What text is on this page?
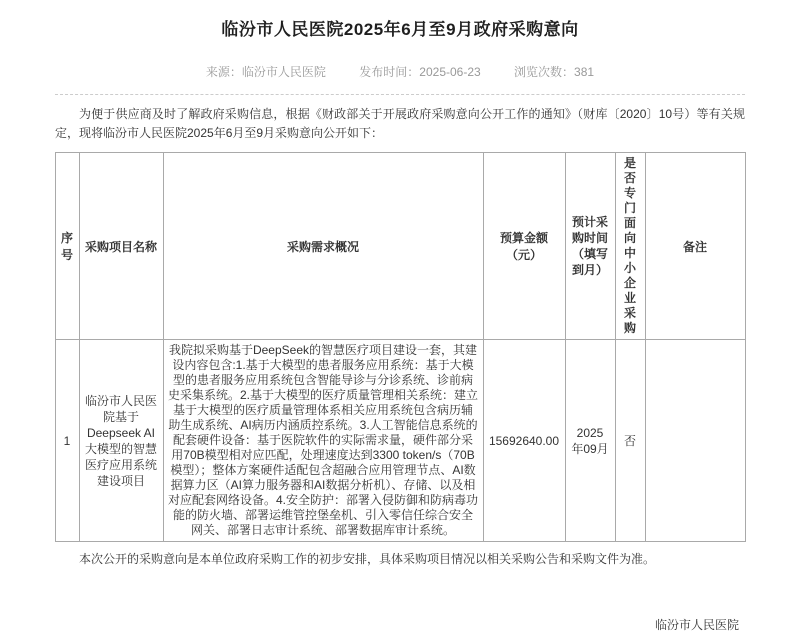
临汾市人民医院2025年6月至9月政府采购意向
来源：临汾市人民医院	发布时间：2025-06-23	浏览次数：381

为便于供应商及时了解政府采购信息，根据《财政部关于开展政府采购意向公开工作的通知》（财库〔2020〕10号）等有关规定，现将临汾市人民医院2025年6月至9月采购意向公开如下：

序号	采购项目名称	采购需求概况	预算金额（元）	预计采购时间（填写到月）	是否专门面向中小企业采购	备注
1	临汾市人民医院基于Deepseek AI大模型的智慧医疗应用系统建设项目	我院拟采购基于DeepSeek的智慧医疗项目建设一套，其建设内容包含:1.基于大模型的患者服务应用系统：基于大模型的患者服务应用系统包含智能导诊与分诊系统、诊前病史采集系统。2.基于大模型的医疗质量管理相关系统：建立基于大模型的医疗质量管理体系相关应用系统包含病历辅助生成系统、AI病历内涵质控系统。3.人工智能信息系统的配套硬件设备：基于医院软件的实际需求量，硬件部分采用70B模型相对应匹配，处理速度达到3300 token/s（70B模型）；整体方案硬件适配包含超融合应用管理节点、AI数据算力区（AI算力服务器和AI数据分析机）、存储、以及相对应配套网络设备。4.安全防护：部署入侵防御和防病毒功能的防火墙、部署运维管控堡垒机、引入零信任综合安全网关、部署日志审计系统、部署数据库审计系统。	15692640.00	2025年09月	否	

本次公开的采购意向是本单位政府采购工作的初步安排，具体采购项目情况以相关采购公告和采购文件为准。

临汾市人民医院
